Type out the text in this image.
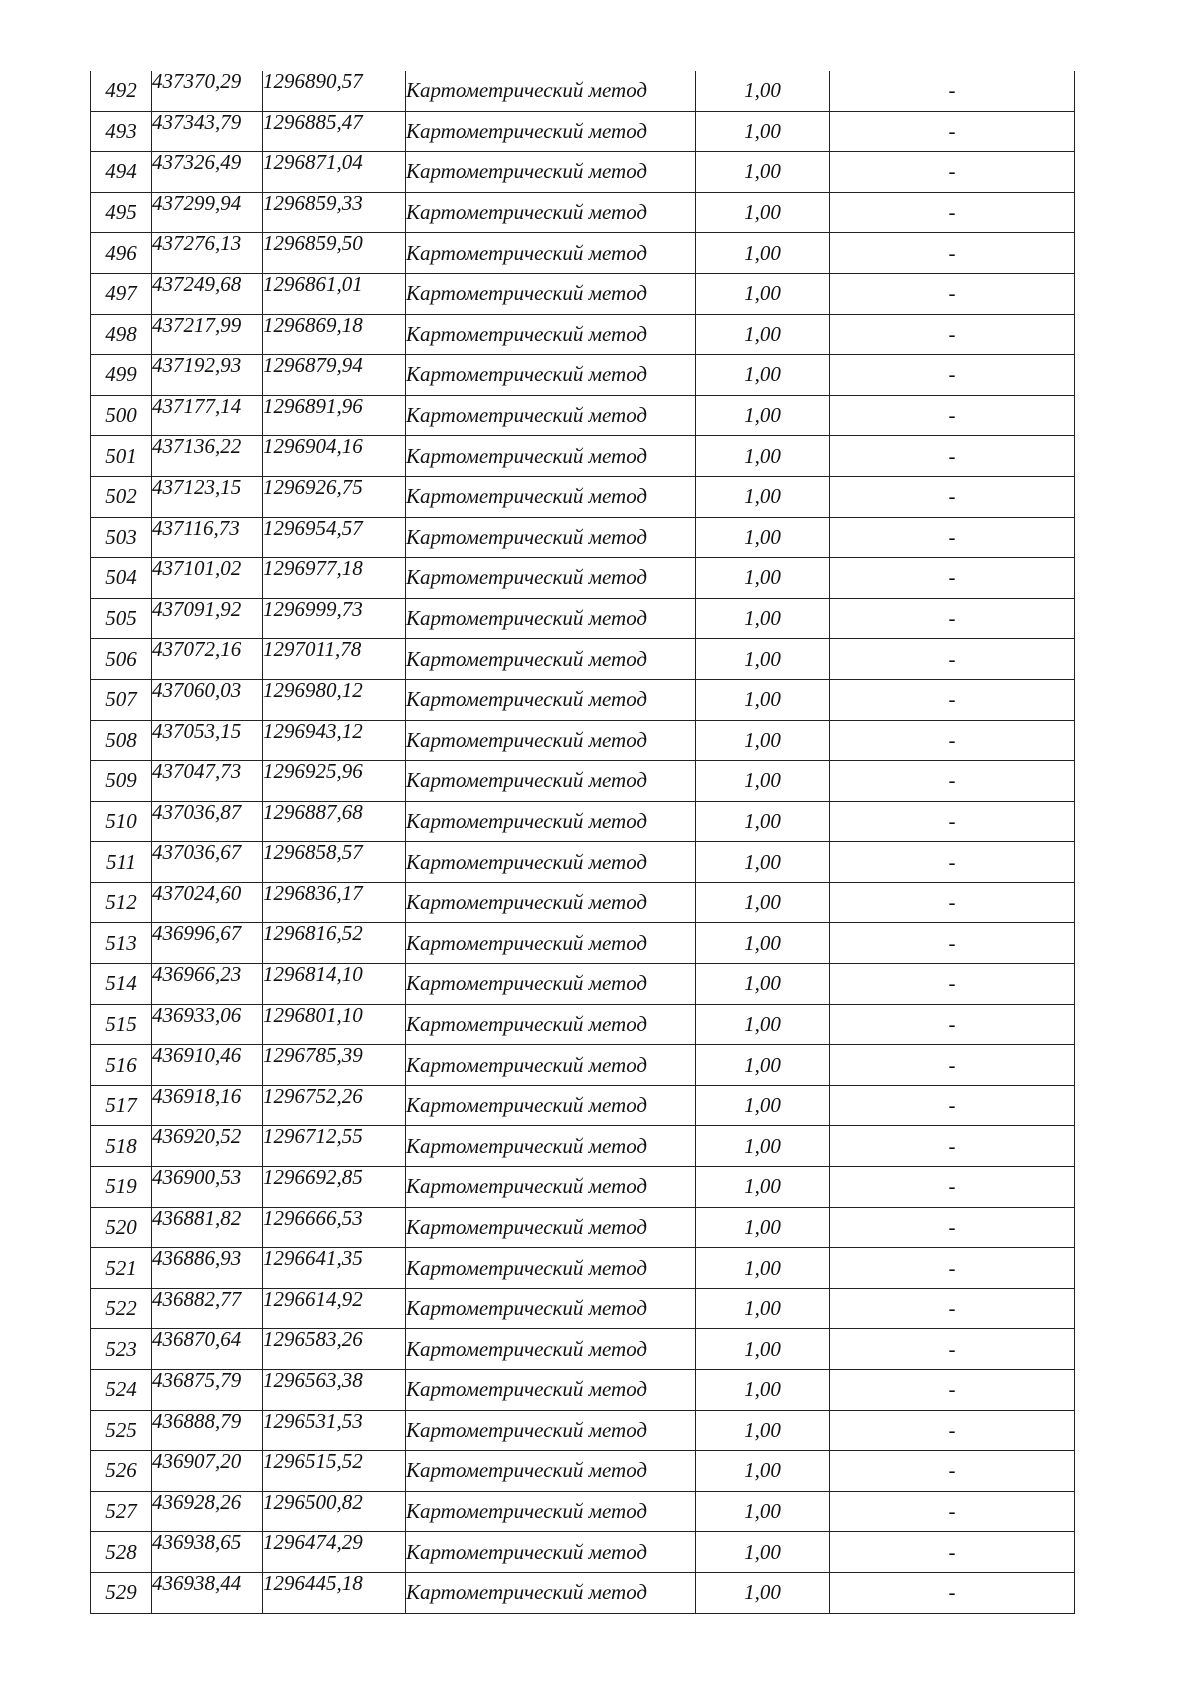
492	437370,29	1296890,57	Картометрический метод	1,00	-
493	437343,79	1296885,47	Картометрический метод	1,00	-
494	437326,49	1296871,04	Картометрический метод	1,00	-
495	437299,94	1296859,33	Картометрический метод	1,00	-
496	437276,13	1296859,50	Картометрический метод	1,00	-
497	437249,68	1296861,01	Картометрический метод	1,00	-
498	437217,99	1296869,18	Картометрический метод	1,00	-
499	437192,93	1296879,94	Картометрический метод	1,00	-
500	437177,14	1296891,96	Картометрический метод	1,00	-
501	437136,22	1296904,16	Картометрический метод	1,00	-
502	437123,15	1296926,75	Картометрический метод	1,00	-
503	437116,73	1296954,57	Картометрический метод	1,00	-
504	437101,02	1296977,18	Картометрический метод	1,00	-
505	437091,92	1296999,73	Картометрический метод	1,00	-
506	437072,16	1297011,78	Картометрический метод	1,00	-
507	437060,03	1296980,12	Картометрический метод	1,00	-
508	437053,15	1296943,12	Картометрический метод	1,00	-
509	437047,73	1296925,96	Картометрический метод	1,00	-
510	437036,87	1296887,68	Картометрический метод	1,00	-
511	437036,67	1296858,57	Картометрический метод	1,00	-
512	437024,60	1296836,17	Картометрический метод	1,00	-
513	436996,67	1296816,52	Картометрический метод	1,00	-
514	436966,23	1296814,10	Картометрический метод	1,00	-
515	436933,06	1296801,10	Картометрический метод	1,00	-
516	436910,46	1296785,39	Картометрический метод	1,00	-
517	436918,16	1296752,26	Картометрический метод	1,00	-
518	436920,52	1296712,55	Картометрический метод	1,00	-
519	436900,53	1296692,85	Картометрический метод	1,00	-
520	436881,82	1296666,53	Картометрический метод	1,00	-
521	436886,93	1296641,35	Картометрический метод	1,00	-
522	436882,77	1296614,92	Картометрический метод	1,00	-
523	436870,64	1296583,26	Картометрический метод	1,00	-
524	436875,79	1296563,38	Картометрический метод	1,00	-
525	436888,79	1296531,53	Картометрический метод	1,00	-
526	436907,20	1296515,52	Картометрический метод	1,00	-
527	436928,26	1296500,82	Картометрический метод	1,00	-
528	436938,65	1296474,29	Картометрический метод	1,00	-
529	436938,44	1296445,18	Картометрический метод	1,00	-
